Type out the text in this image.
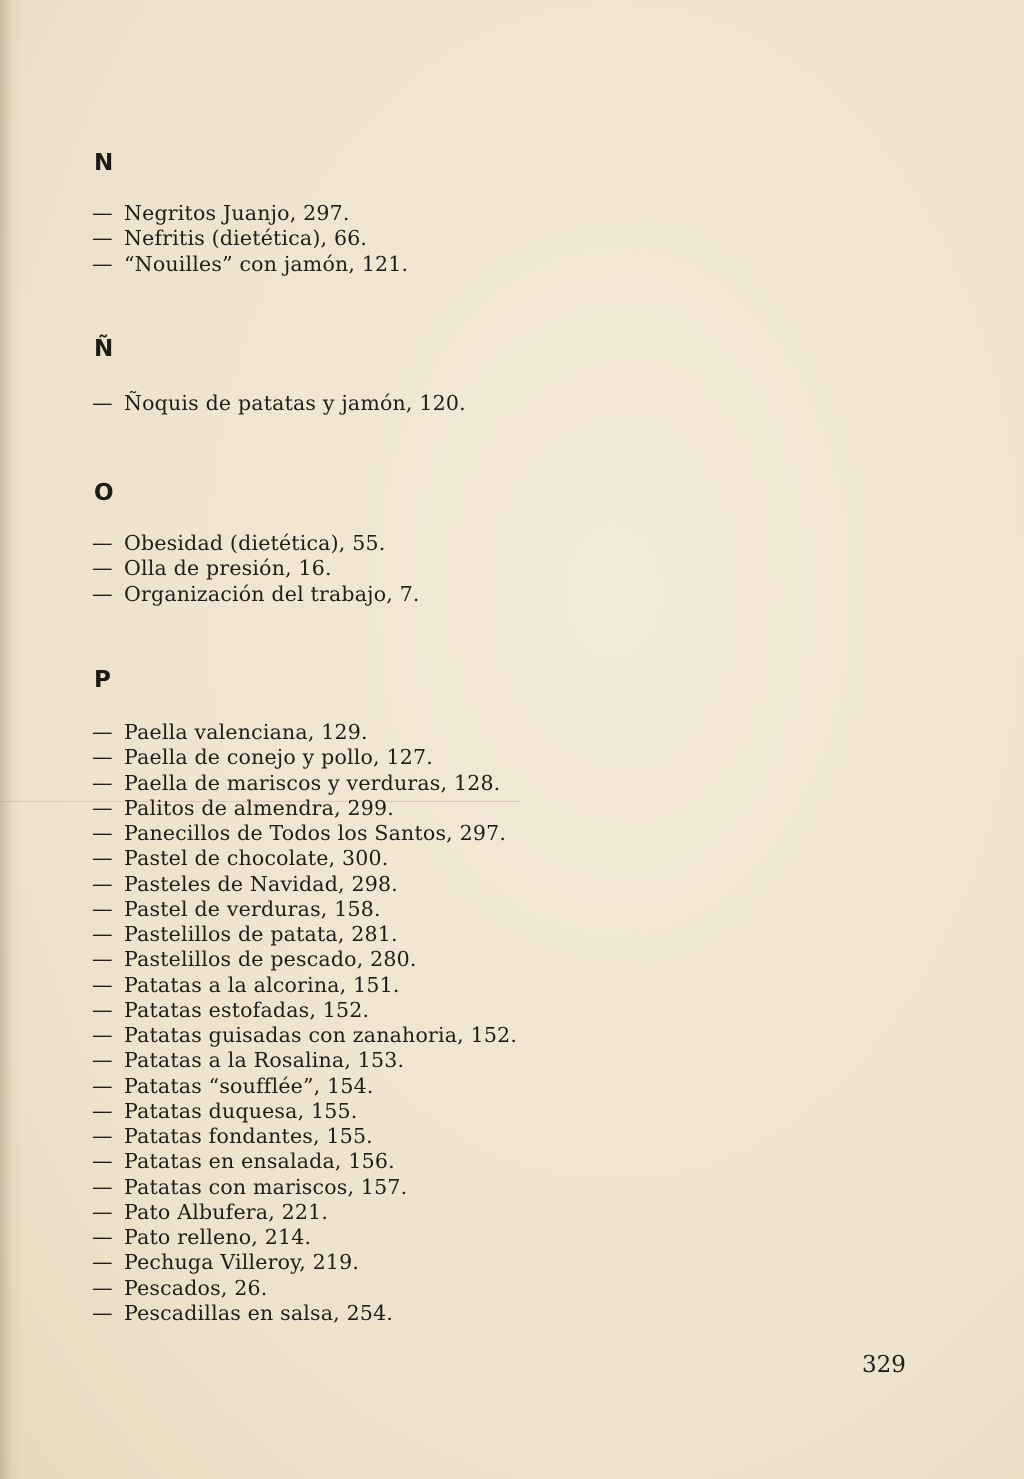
N
— Negritos Juanjo, 297.
— Nefritis (dietética), 66.
— “Nouilles” con jamón, 121.
Ñ
— Ñoquis de patatas y jamón, 120.
O
— Obesidad (dietética), 55.
— Olla de presión, 16.
— Organización del trabajo, 7.
P
— Paella valenciana, 129.
— Paella de conejo y pollo, 127.
— Paella de mariscos y verduras, 128.
— Palitos de almendra, 299.
— Panecillos de Todos los Santos, 297.
— Pastel de chocolate, 300.
— Pasteles de Navidad, 298.
— Pastel de verduras, 158.
— Pastelillos de patata, 281.
— Pastelillos de pescado, 280.
— Patatas a la alcorina, 151.
— Patatas estofadas, 152.
— Patatas guisadas con zanahoria, 152.
— Patatas a la Rosalina, 153.
— Patatas “soufflée”, 154.
— Patatas duquesa, 155.
— Patatas fondantes, 155.
— Patatas en ensalada, 156.
— Patatas con mariscos, 157.
— Pato Albufera, 221.
— Pato relleno, 214.
— Pechuga Villeroy, 219.
— Pescados, 26.
— Pescadillas en salsa, 254.
329
